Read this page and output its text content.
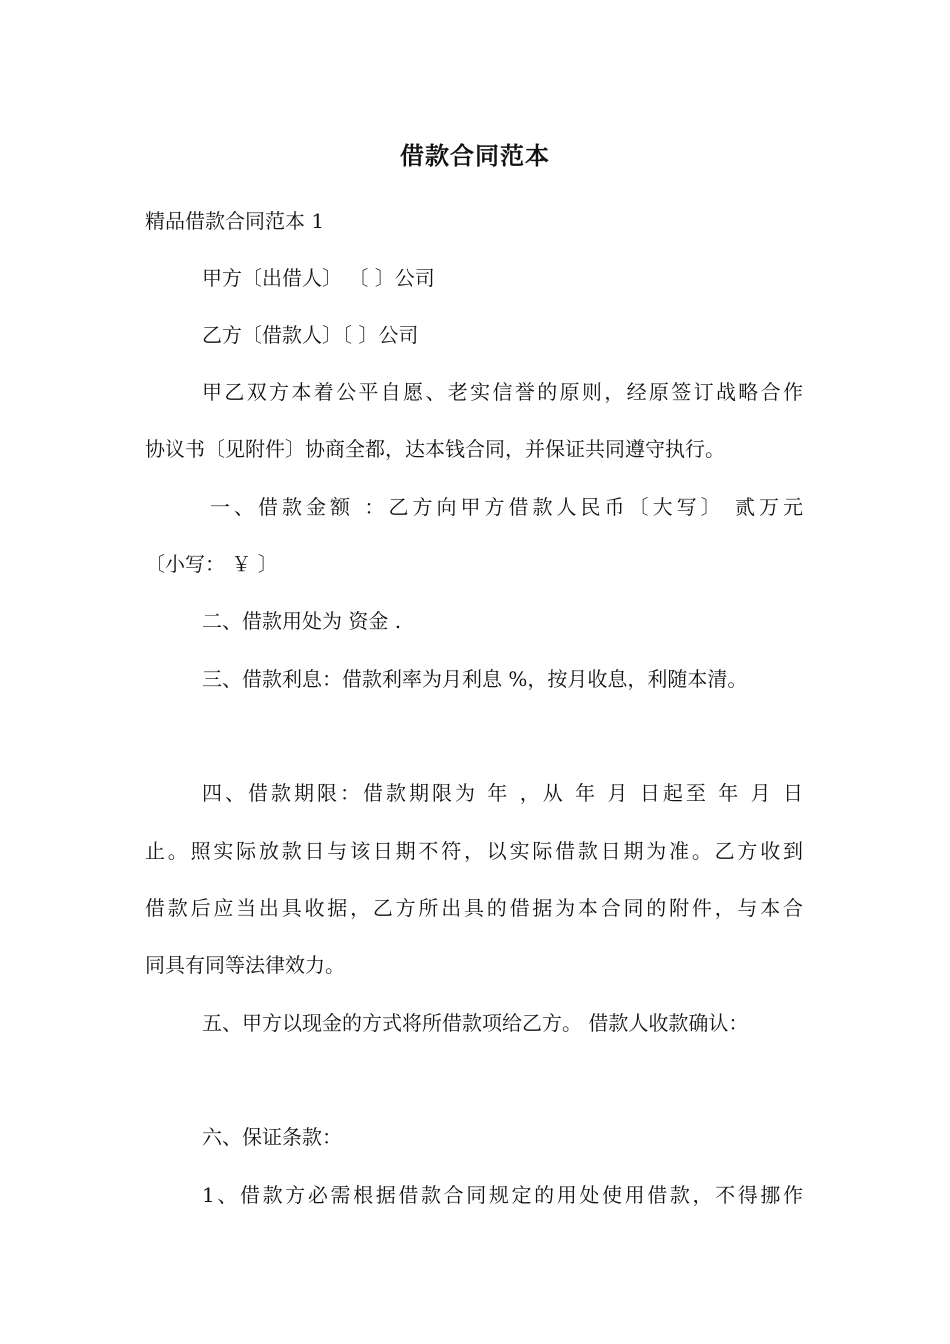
借款合同范本
精品借款合同范本 1
甲方〔出借人〕 〔 〕公司
乙方〔借款人〕〔 〕公司
甲乙双方本着公平自愿、老实信誉的原则，经原签订战略合作
协议书〔见附件〕协商全都，达本钱合同，并保证共同遵守执行。
一、借款金额 ：乙方向甲方借款人民币〔大写〕 贰万元
〔小写： ￥ 〕
二、借款用处为 资金 .
三、借款利息：借款利率为月利息 %，按月收息，利随本清。
四、借款期限：借款期限为 年 ，从 年 月 日起至 年 月 日
止。照实际放款日与该日期不符，以实际借款日期为准。乙方收到
借款后应当出具收据，乙方所出具的借据为本合同的附件，与本合
同具有同等法律效力。
五、甲方以现金的方式将所借款项给乙方。 借款人收款确认：
六、保证条款：
1、借款方必需根据借款合同规定的用处使用借款，不得挪作
